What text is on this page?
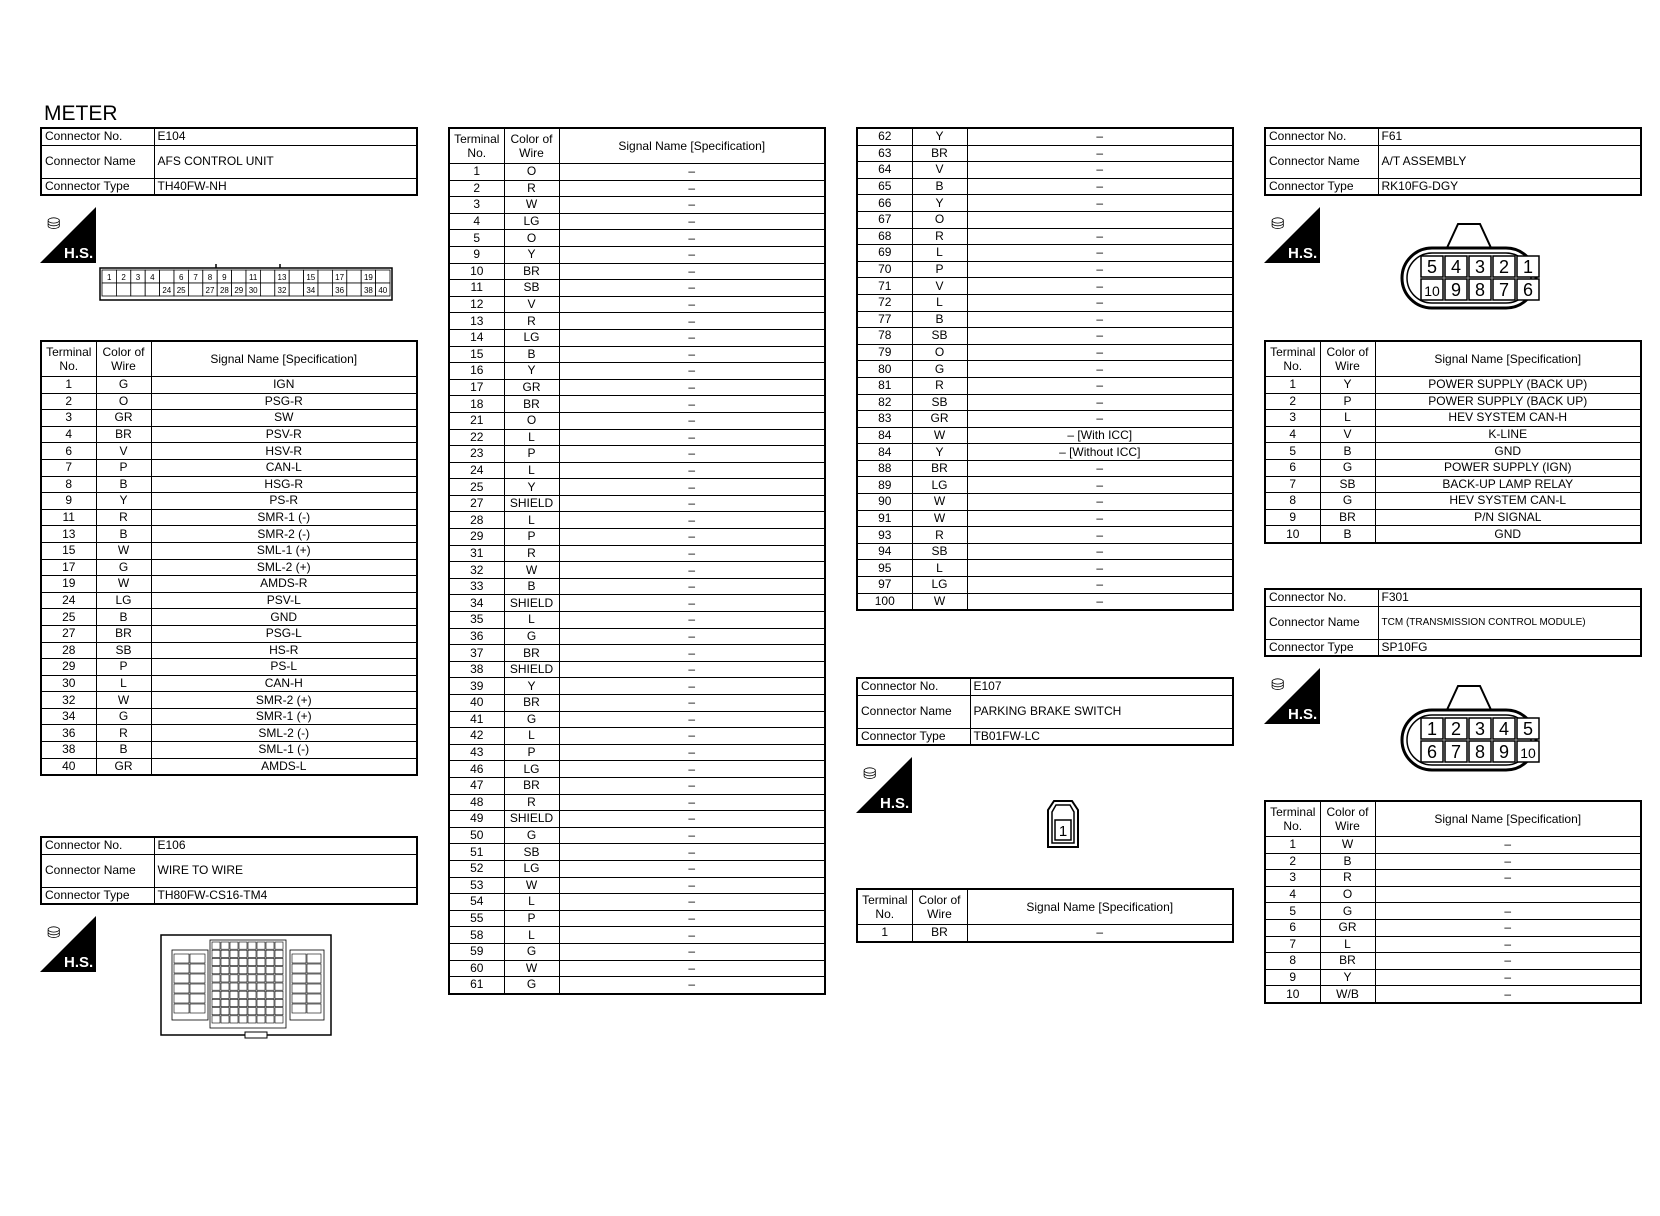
METER
Connector No.	E104
Connector Name	AFS CONTROL UNIT
Connector Type	TH40FW-NH
⛁
H.S.
1 2 3 4	6 7 8 9	11	13 15 17 19
24 25 27 28 29 30 32 34 36 38 40
Terminal No.	Color of Wire	Signal Name [Specification]
1	G	IGN
2	O	PSG-R
3	GR	SW
4	BR	PSV-R
6	V	HSV-R
7	P	CAN-L
8	B	HSG-R
9	Y	PS-R
11	R	SMR-1 (-)
13	B	SMR-2 (-)
15	W	SML-1 (+)
17	G	SML-2 (+)
19	W	AMDS-R
24	LG	PSV-L
25	B	GND
27	BR	PSG-L
28	SB	HS-R
29	P	PS-L
30	L	CAN-H
32	W	SMR-2 (+)
34	G	SMR-1 (+)
36	R	SML-2 (-)
38	B	SML-1 (-)
40	GR	AMDS-L
Connector No.	E106
Connector Name	WIRE TO WIRE
Connector Type	TH80FW-CS16-TM4
⛁
H.S.
Terminal No.	Color of Wire	Signal Name [Specification]
1	O	–
2	R	–
3	W	–
4	LG	–
5	O	–
9	Y	–
10	BR	–
11	SB	–
12	V	–
13	R	–
14	LG	–
15	B	–
16	Y	–
17	GR	–
18	BR	–
21	O	–
22	L	–
23	P	–
24	L	–
25	Y	–
27	SHIELD	–
28	L	–
29	P	–
31	R	–
32	W	–
33	B	–
34	SHIELD	–
35	L	–
36	G	–
37	BR	–
38	SHIELD	–
39	Y	–
40	BR	–
41	G	–
42	L	–
43	P	–
46	LG	–
47	BR	–
48	R	–
49	SHIELD	–
50	G	–
51	SB	–
52	LG	–
53	W	–
54	L	–
55	P	–
58	L	–
59	G	–
60	W	–
61	G	–
62	Y	–
63	BR	–
64	V	–
65	B	–
66	Y	–
67	O	
68	R	–
69	L	–
70	P	–
71	V	–
72	L	–
77	B	–
78	SB	–
79	O	–
80	G	–
81	R	–
82	SB	–
83	GR	–
84	W	– [With ICC]
84	Y	– [Without ICC]
88	BR	–
89	LG	–
90	W	–
91	W	–
93	R	–
94	SB	–
95	L	–
97	LG	–
100	W	–
Connector No.	E107
Connector Name	PARKING BRAKE SWITCH
Connector Type	TB01FW-LC
⛁
H.S.
1
Terminal No.	Color of Wire	Signal Name [Specification]
1	BR	–
Connector No.	F61
Connector Name	A/T ASSEMBLY
Connector Type	RK10FG-DGY
⛁
H.S.
5 4 3 2 1
10 9 8 7 6
Terminal No.	Color of Wire	Signal Name [Specification]
1	Y	POWER SUPPLY (BACK UP)
2	P	POWER SUPPLY (BACK UP)
3	L	HEV SYSTEM CAN-H
4	V	K-LINE
5	B	GND
6	G	POWER SUPPLY (IGN)
7	SB	BACK-UP LAMP RELAY
8	G	HEV SYSTEM CAN-L
9	BR	P/N SIGNAL
10	B	GND
Connector No.	F301
Connector Name	TCM (TRANSMISSION CONTROL MODULE)
Connector Type	SP10FG
⛁
H.S.
1 2 3 4 5
6 7 8 9 10
Terminal No.	Color of Wire	Signal Name [Specification]
1	W	–
2	B	–
3	R	–
4	O	
5	G	–
6	GR	–
7	L	–
8	BR	–
9	Y	–
10	W/B	–
